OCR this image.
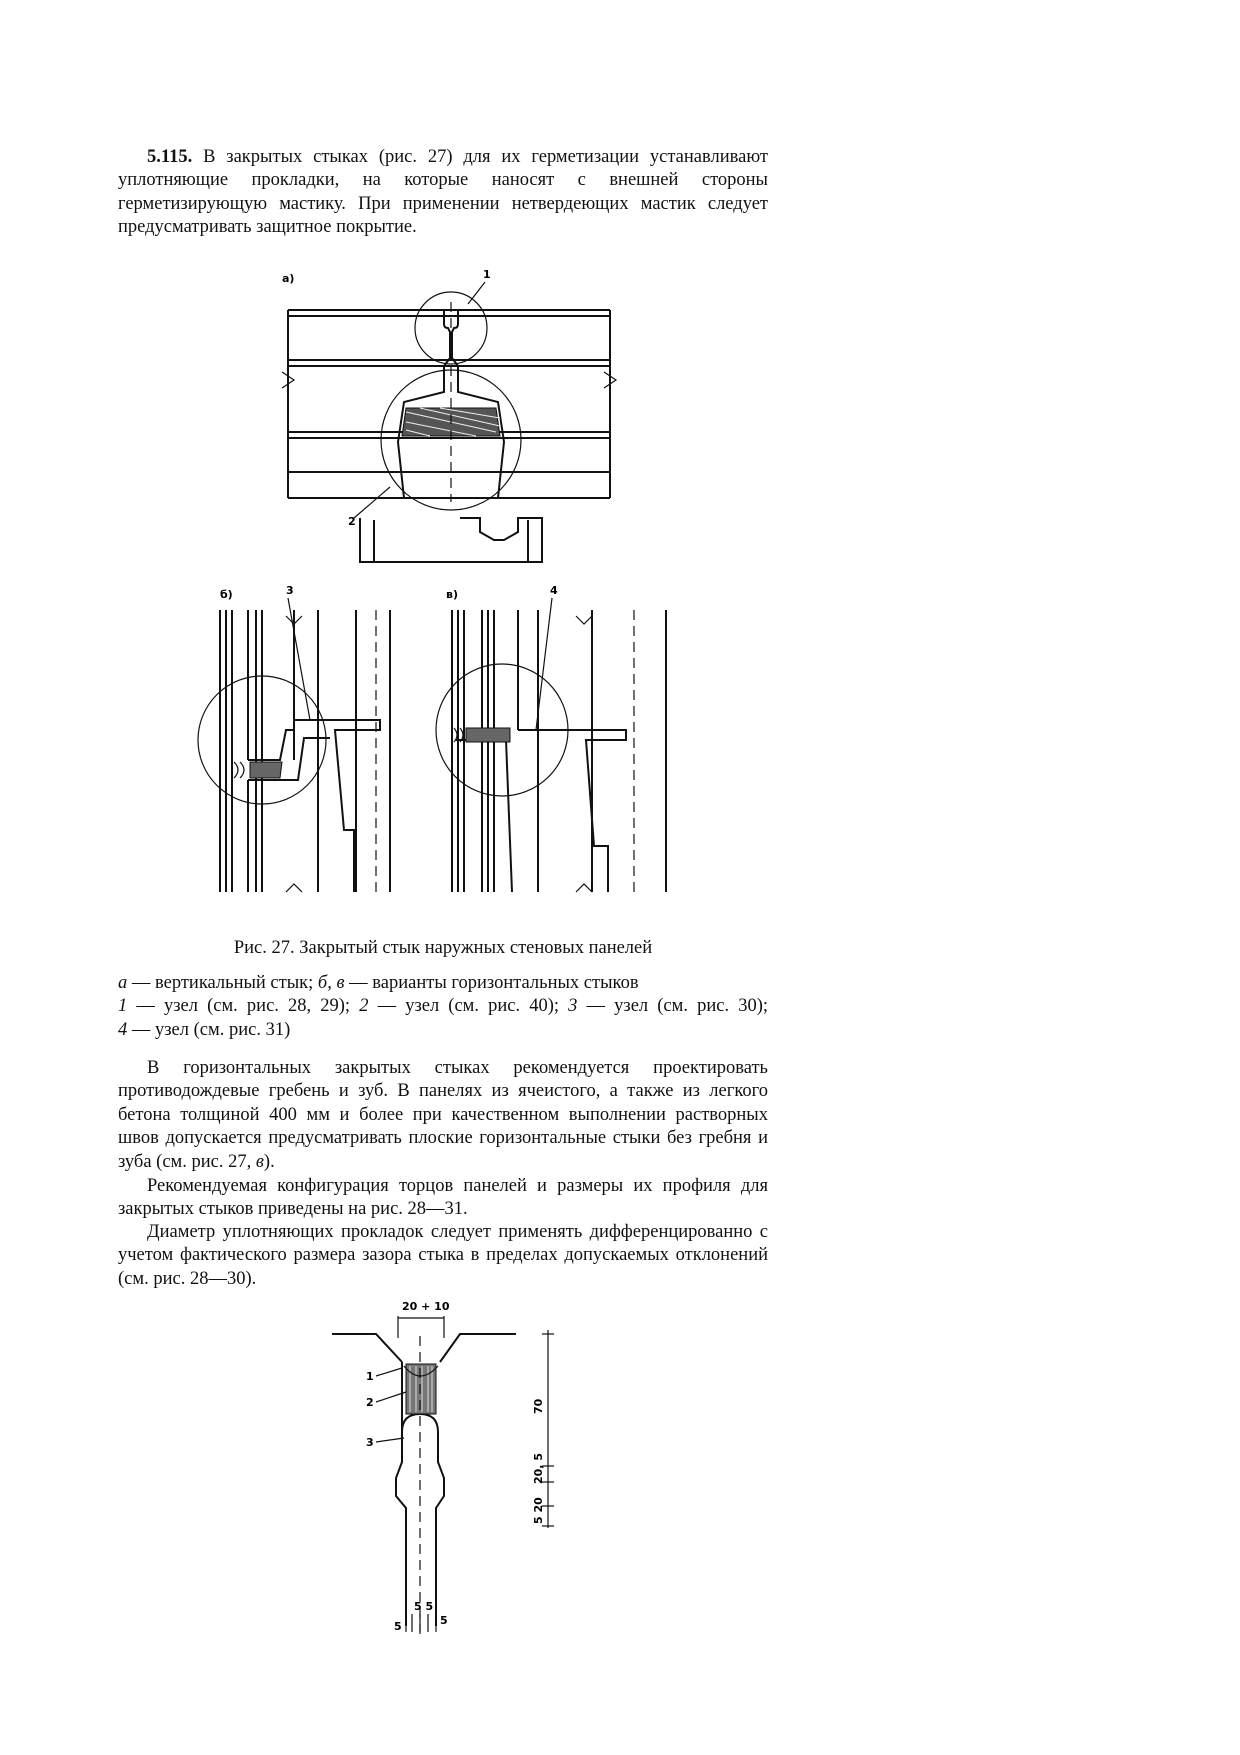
5.115. В закрытых стыках (рис. 27) для их герметизации устанавливают уплотняющие прокладки, на которые наносят с внешней стороны герметизирующую мастику. При применении нетвердеющих мастик следует предусматривать защитное покрытие.

а)	1
2
б)	3	в)	4

Рис. 27. Закрытый стык наружных стеновых панелей

а — вертикальный стык; б, в — варианты горизонтальных стыков
1 — узел (см. рис. 28, 29); 2 — узел (см. рис. 40); 3 — узел (см. рис. 30);
4 — узел (см. рис. 31)

В горизонтальных закрытых стыках рекомендуется проектировать противодождевые гребень и зуб. В панелях из ячеистого, а также из легкого бетона толщиной 400 мм и более при качественном выполнении растворных швов допускается предусматривать плоские горизонтальные стыки без гребня и зуба (см. рис. 27, в).

Рекомендуемая конфигурация торцов панелей и размеры их профиля для закрытых стыков приведены на рис. 28—31.

Диаметр уплотняющих прокладок следует применять дифференцированно с учетом фактического размера зазора стыка в пределах допускаемых отклонений (см. рис. 28—30).

20 + 10
1
2
3
70
20, 5
5 20
5 5
5	5
